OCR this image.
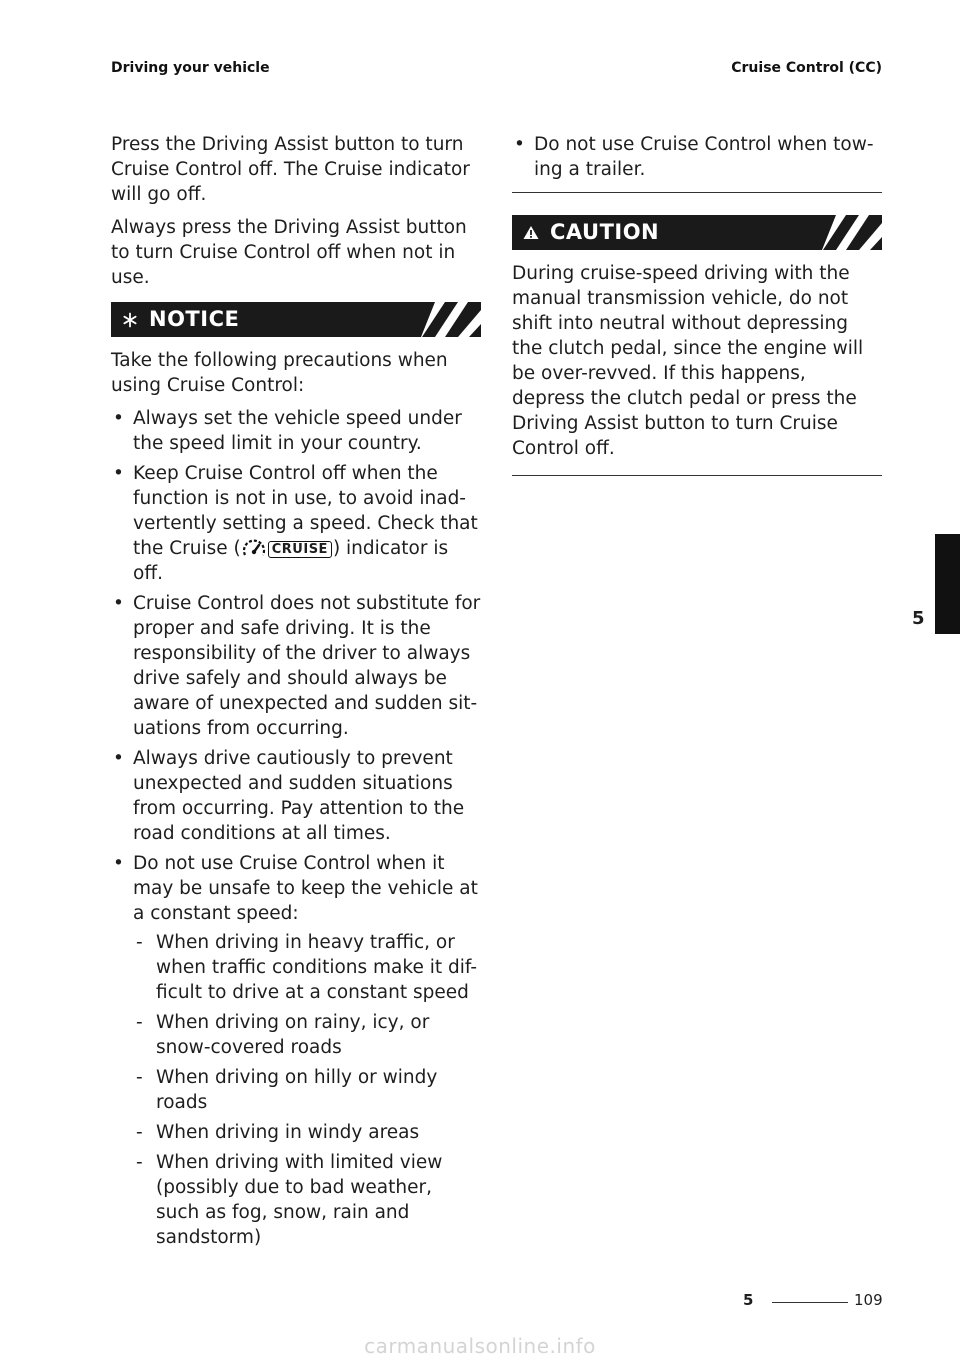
Driving your vehicle	Cruise Control (CC)

Press the Driving Assist button to turn Cruise Control off. The Cruise indicator will go off.

Always press the Driving Assist button to turn Cruise Control off when not in use.

NOTICE

Take the following precautions when using Cruise Control:

• Always set the vehicle speed under the speed limit in your country.
• Keep Cruise Control off when the function is not in use, to avoid inad-vertently setting a speed. Check that the Cruise (	CRUISE ) indicator is off.
• Cruise Control does not substitute for proper and safe driving. It is the responsibility of the driver to always drive safely and should always be aware of unexpected and sudden sit-uations from occurring.
• Always drive cautiously to prevent unexpected and sudden situations from occurring. Pay attention to the road conditions at all times.
• Do not use Cruise Control when it may be unsafe to keep the vehicle at a constant speed:
- When driving in heavy traffic, or when traffic conditions make it dif-ficult to drive at a constant speed
- When driving on rainy, icy, or snow-covered roads
- When driving on hilly or windy roads
- When driving in windy areas
- When driving with limited view (possibly due to bad weather, such as fog, snow, rain and sandstorm)
• Do not use Cruise Control when tow-ing a trailer.
CAUTION

During cruise-speed driving with the manual transmission vehicle, do not shift into neutral without depressing the clutch pedal, since the engine will be over-revved. If this happens, depress the clutch pedal or press the Driving Assist button to turn Cruise Control off.

5
5	109
carmanualsonline.info
